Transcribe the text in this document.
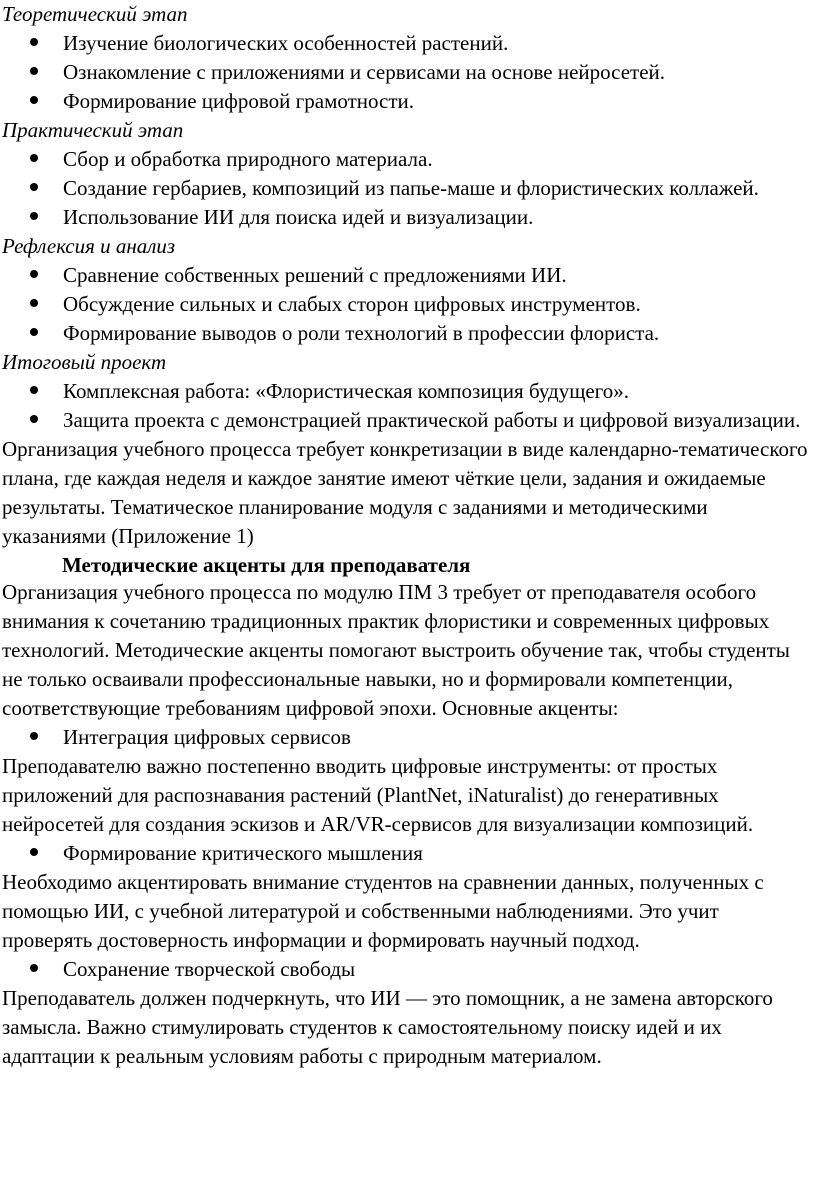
Теоретический этап
Изучение биологических особенностей растений.
Ознакомление с приложениями и сервисами на основе нейросетей.
Формирование цифровой грамотности.
Практический этап
Сбор и обработка природного материала.
Создание гербариев, композиций из папье-маше и флористических коллажей.
Использование ИИ для поиска идей и визуализации.
Рефлексия и анализ
Сравнение собственных решений с предложениями ИИ.
Обсуждение сильных и слабых сторон цифровых инструментов.
Формирование выводов о роли технологий в профессии флориста.
Итоговый проект
Комплексная работа: «Флористическая композиция будущего».
Защита проекта с демонстрацией практической работы и цифровой визуализации.

Организация учебного процесса требует конкретизации в виде календарно-тематического плана, где каждая неделя и каждое занятие имеют чёткие цели, задания и ожидаемые результаты. Тематическое планирование модуля с заданиями и методическими указаниями (Приложение 1)

Методические акценты для преподавателя

Организация учебного процесса по модулю ПМ 3 требует от преподавателя особого внимания к сочетанию традиционных практик флористики и современных цифровых технологий. Методические акценты помогают выстроить обучение так, чтобы студенты не только осваивали профессиональные навыки, но и формировали компетенции, соответствующие требованиям цифровой эпохи. Основные акценты:

Интеграция цифровых сервисов

Преподавателю важно постепенно вводить цифровые инструменты: от простых приложений для распознавания растений (PlantNet, iNaturalist) до генеративных нейросетей для создания эскизов и AR/VR-сервисов для визуализации композиций.

Формирование критического мышления

Необходимо акцентировать внимание студентов на сравнении данных, полученных с помощью ИИ, с учебной литературой и собственными наблюдениями. Это учит проверять достоверность информации и формировать научный подход.

Сохранение творческой свободы

Преподаватель должен подчеркнуть, что ИИ — это помощник, а не замена авторского замысла. Важно стимулировать студентов к самостоятельному поиску идей и их адаптации к реальным условиям работы с природным материалом.
